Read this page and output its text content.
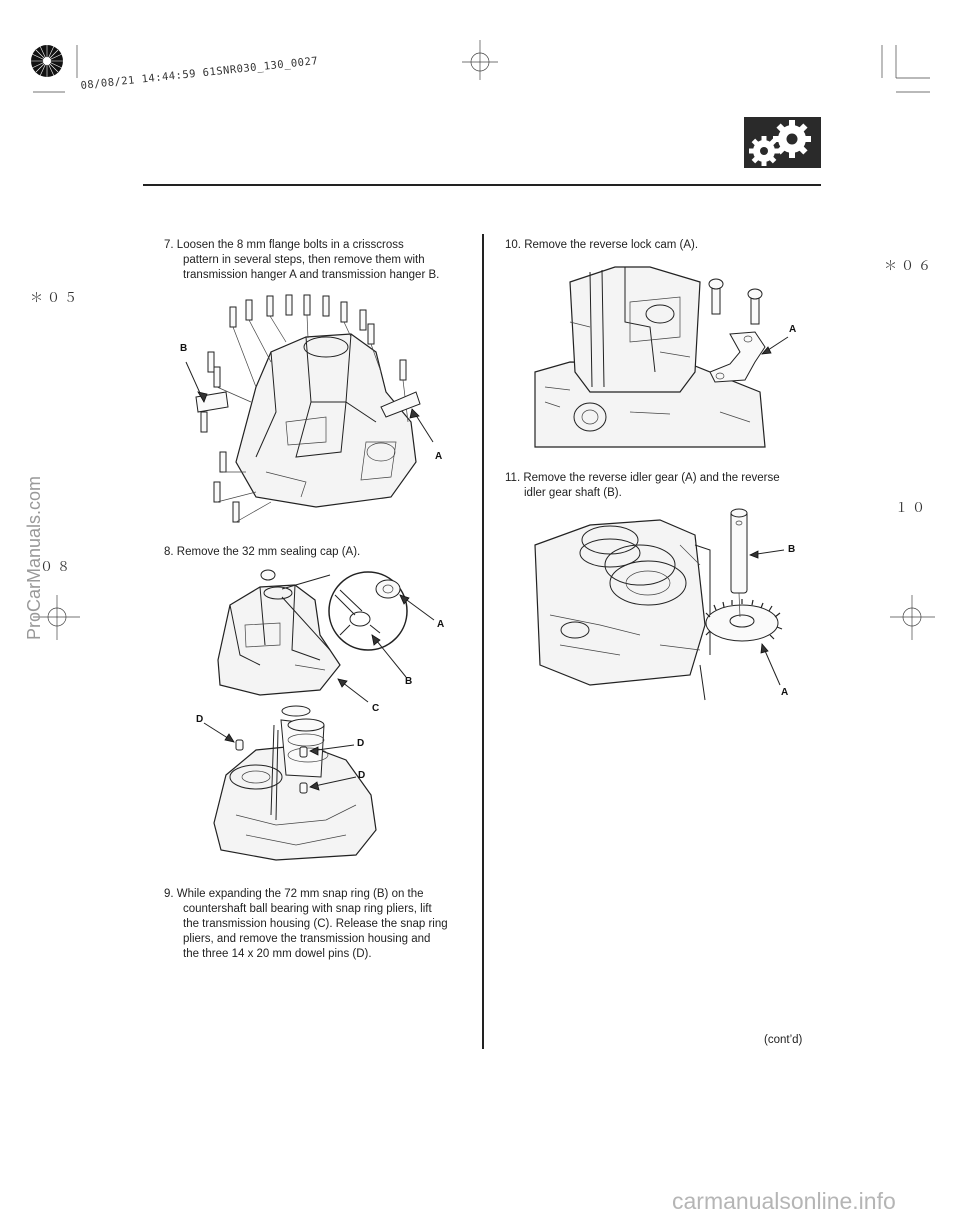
08/08/21 14:44:59 61SNR030_130_0027
＊０５
０８
＊０６
１０
ProCarManuals.com
7. Loosen the 8 mm flange bolts in a crisscross
pattern in several steps, then remove them with
transmission hanger A and transmission hanger B.
B
A
8. Remove the 32 mm sealing cap (A).
A
B
C
D
D
D
9. While expanding the 72 mm snap ring (B) on the
countershaft ball bearing with snap ring pliers, lift
the transmission housing (C). Release the snap ring
pliers, and remove the transmission housing and
the three 14 x 20 mm dowel pins (D).
10. Remove the reverse lock cam (A).
A
11. Remove the reverse idler gear (A) and the reverse
idler gear shaft (B).
B
A
(cont’d)
carmanualsonline.info
